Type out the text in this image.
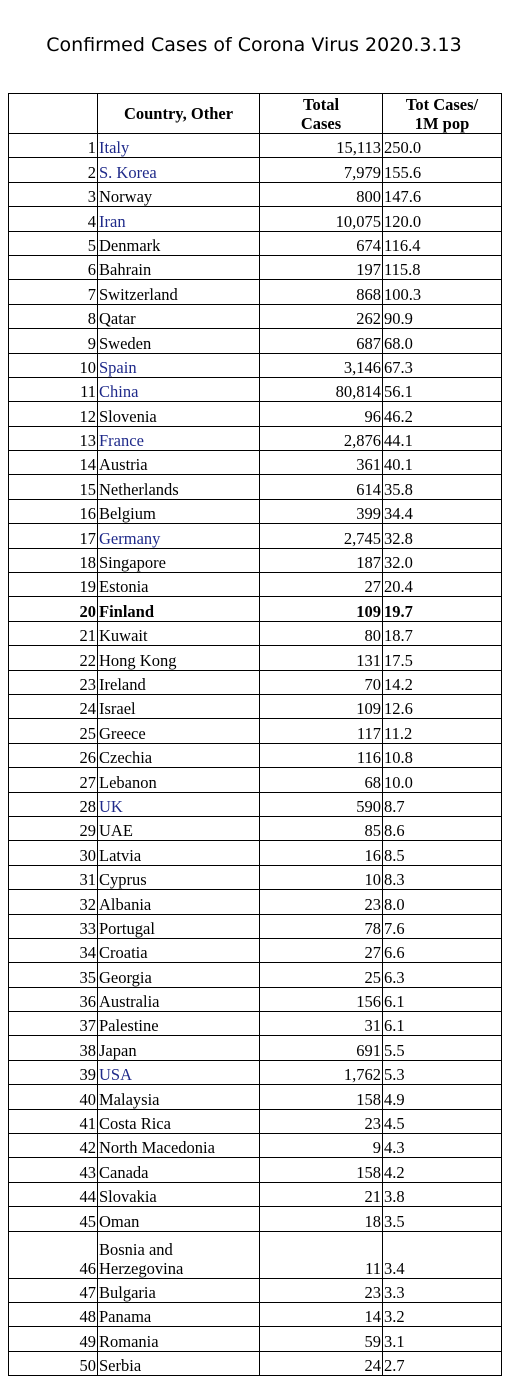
Confirmed Cases of Corona Virus 2020.3.13
	Country, Other	Total Cases	Tot Cases/ 1M pop
1	Italy	15,113	250.0
2	S. Korea	7,979	155.6
3	Norway	800	147.6
4	Iran	10,075	120.0
5	Denmark	674	116.4
6	Bahrain	197	115.8
7	Switzerland	868	100.3
8	Qatar	262	90.9
9	Sweden	687	68.0
10	Spain	3,146	67.3
11	China	80,814	56.1
12	Slovenia	96	46.2
13	France	2,876	44.1
14	Austria	361	40.1
15	Netherlands	614	35.8
16	Belgium	399	34.4
17	Germany	2,745	32.8
18	Singapore	187	32.0
19	Estonia	27	20.4
20	Finland	109	19.7
21	Kuwait	80	18.7
22	Hong Kong	131	17.5
23	Ireland	70	14.2
24	Israel	109	12.6
25	Greece	117	11.2
26	Czechia	116	10.8
27	Lebanon	68	10.0
28	UK	590	8.7
29	UAE	85	8.6
30	Latvia	16	8.5
31	Cyprus	10	8.3
32	Albania	23	8.0
33	Portugal	78	7.6
34	Croatia	27	6.6
35	Georgia	25	6.3
36	Australia	156	6.1
37	Palestine	31	6.1
38	Japan	691	5.5
39	USA	1,762	5.3
40	Malaysia	158	4.9
41	Costa Rica	23	4.5
42	North Macedonia	9	4.3
43	Canada	158	4.2
44	Slovakia	21	3.8
45	Oman	18	3.5
46	Bosnia and Herzegovina	11	3.4
47	Bulgaria	23	3.3
48	Panama	14	3.2
49	Romania	59	3.1
50	Serbia	24	2.7
